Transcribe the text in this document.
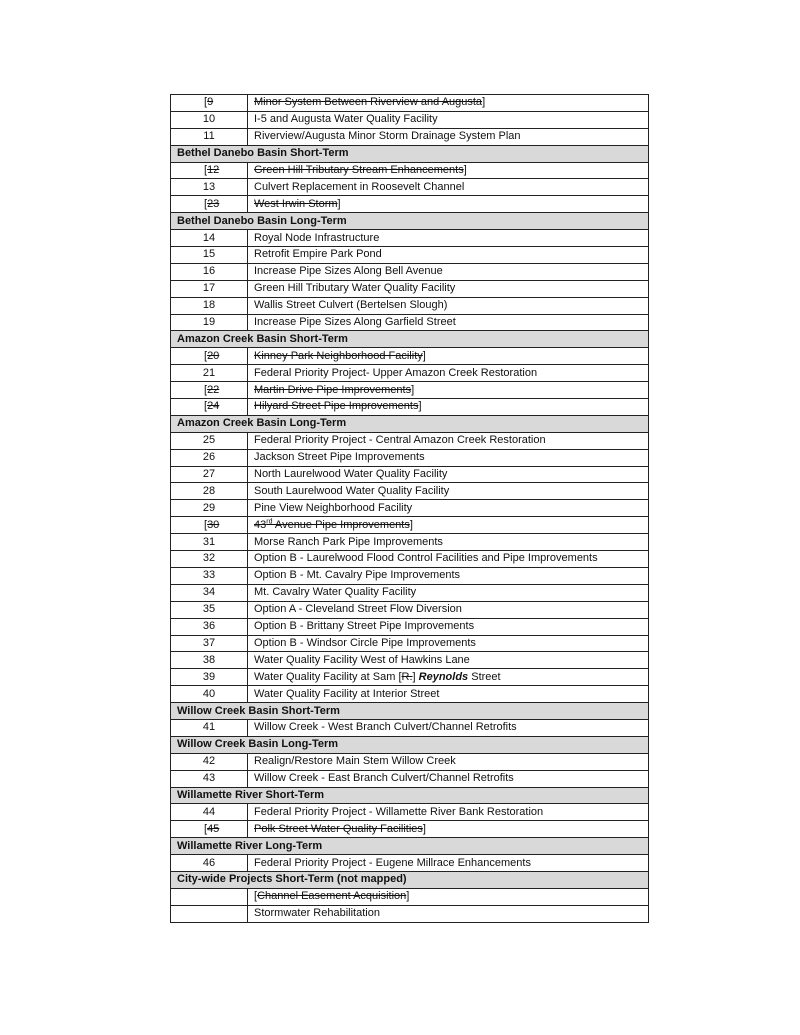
[9	Minor System Between Riverview and Augusta]
10	I-5 and Augusta Water Quality Facility
11	Riverview/Augusta Minor Storm Drainage System Plan
Bethel Danebo Basin Short-Term	
[12	Green Hill Tributary Stream Enhancements]
13	Culvert Replacement in Roosevelt Channel
[23	West Irwin Storm]
Bethel Danebo Basin Long-Term	
14	Royal Node Infrastructure
15	Retrofit Empire Park Pond
16	Increase Pipe Sizes Along Bell Avenue
17	Green Hill Tributary Water Quality Facility
18	Wallis Street Culvert (Bertelsen Slough)
19	Increase Pipe Sizes Along Garfield Street
Amazon Creek Basin Short-Term	
[20	Kinney Park Neighborhood Facility]
21	Federal Priority Project- Upper Amazon Creek Restoration
[22	Martin Drive Pipe Improvements]
[24	Hilyard Street Pipe Improvements]
Amazon Creek Basin Long-Term	
25	Federal Priority Project - Central Amazon Creek Restoration
26	Jackson Street Pipe Improvements
27	North Laurelwood Water Quality Facility
28	South Laurelwood Water Quality Facility
29	Pine View Neighborhood Facility
[30	43rd Avenue Pipe Improvements]
31	Morse Ranch Park Pipe Improvements
32	Option B - Laurelwood Flood Control Facilities and Pipe Improvements
33	Option B - Mt. Cavalry Pipe Improvements
34	Mt. Cavalry Water Quality Facility
35	Option A - Cleveland Street Flow Diversion
36	Option B - Brittany Street Pipe Improvements
37	Option B - Windsor Circle Pipe Improvements
38	Water Quality Facility West of Hawkins Lane
39	Water Quality Facility at Sam [R.] Reynolds Street
40	Water Quality Facility at Interior Street
Willow Creek Basin Short-Term	
41	Willow Creek - West Branch Culvert/Channel Retrofits
Willow Creek Basin Long-Term	
42	Realign/Restore Main Stem Willow Creek
43	Willow Creek - East Branch Culvert/Channel Retrofits
Willamette River Short-Term	
44	Federal Priority Project - Willamette River Bank Restoration
[45	Polk Street Water Quality Facilities]
Willamette River Long-Term	
46	Federal Priority Project - Eugene Millrace Enhancements
City-wide Projects Short-Term (not mapped)	
	[Channel Easement Acquisition]
	Stormwater Rehabilitation
